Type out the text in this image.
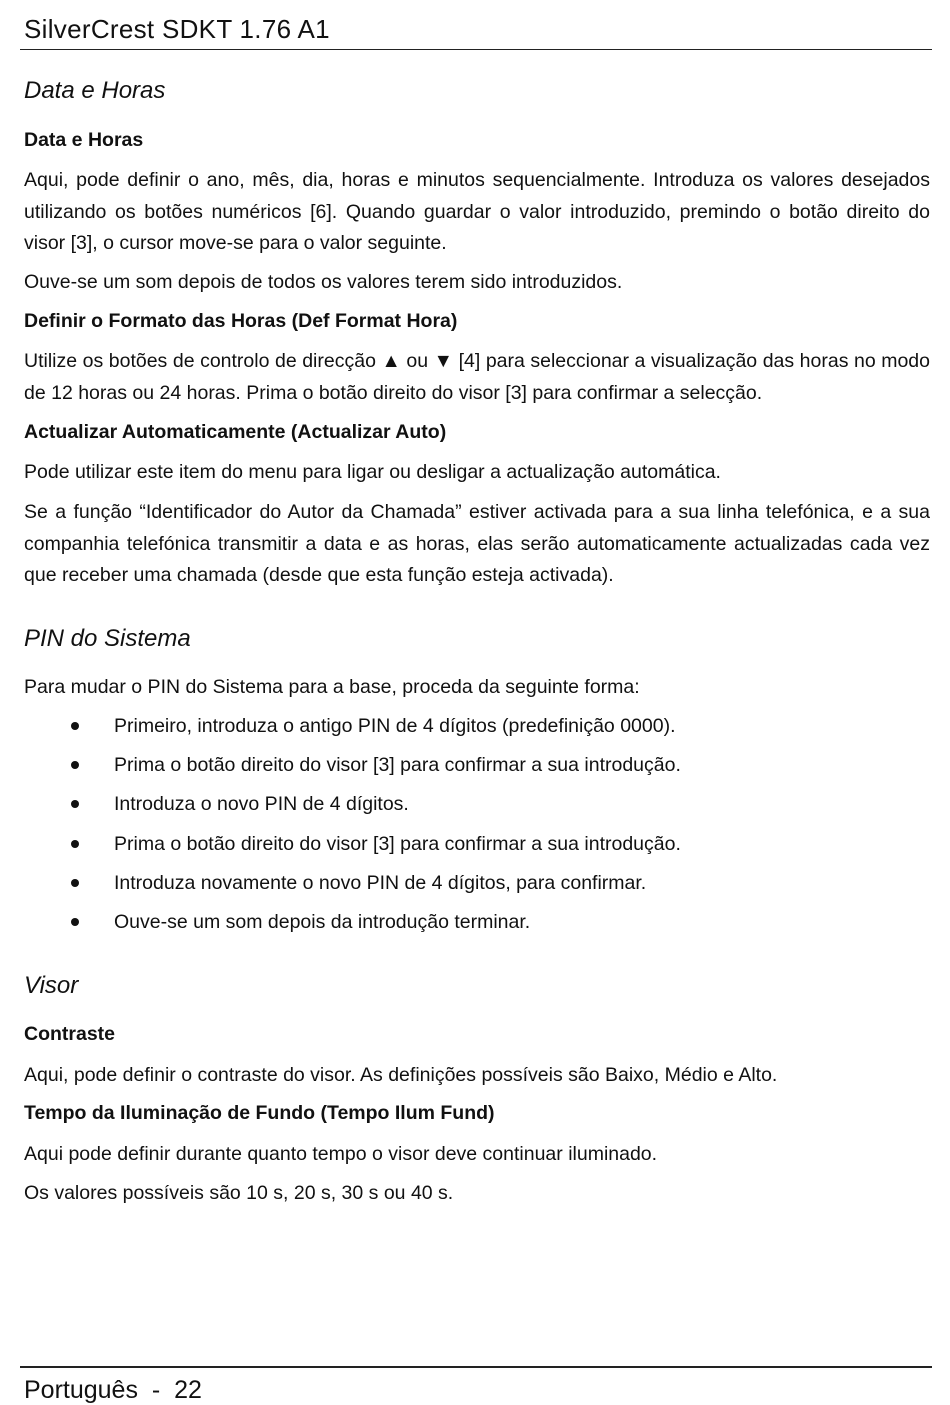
SilverCrest SDKT 1.76 A1
Data e Horas
Data e Horas
Aqui, pode definir o ano, mês, dia, horas e minutos sequencialmente. Introduza os valores desejados utilizando os botões numéricos [6]. Quando guardar o valor introduzido, premindo o botão direito do visor [3], o cursor move-se para o valor seguinte.
Ouve-se um som depois de todos os valores terem sido introduzidos.
Definir o Formato das Horas (Def Format Hora)
Utilize os botões de controlo de direcção ▲ ou ▼ [4] para seleccionar a visualização das horas no modo de 12 horas ou 24 horas. Prima o botão direito do visor [3] para confirmar a selecção.
Actualizar Automaticamente (Actualizar Auto)
Pode utilizar este item do menu para ligar ou desligar a actualização automática.
Se a função “Identificador do Autor da Chamada” estiver activada para a sua linha telefónica, e a sua companhia telefónica transmitir a data e as horas, elas serão automaticamente actualizadas cada vez que receber uma chamada (desde que esta função esteja activada).
PIN do Sistema
Para mudar o PIN do Sistema para a base, proceda da seguinte forma:
Primeiro, introduza o antigo PIN de 4 dígitos (predefinição 0000).
Prima o botão direito do visor [3] para confirmar a sua introdução.
Introduza o novo PIN de 4 dígitos.
Prima o botão direito do visor [3] para confirmar a sua introdução.
Introduza novamente o novo PIN de 4 dígitos, para confirmar.
Ouve-se um som depois da introdução terminar.
Visor
Contraste
Aqui, pode definir o contraste do visor. As definições possíveis são Baixo, Médio e Alto.
Tempo da Iluminação de Fundo (Tempo Ilum Fund)
Aqui pode definir durante quanto tempo o visor deve continuar iluminado.
Os valores possíveis são 10 s, 20 s, 30 s ou 40 s.
Português  -  22
